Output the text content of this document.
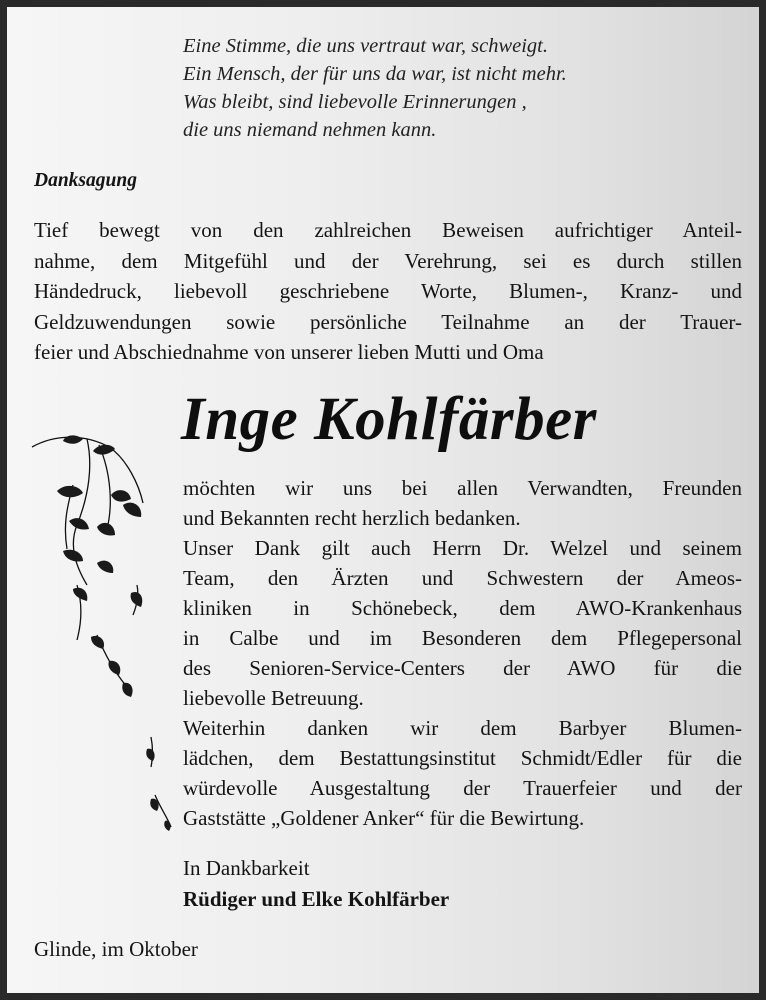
Eine Stimme, die uns vertraut war, schweigt.
Ein Mensch, der für uns da war, ist nicht mehr.
Was bleibt, sind liebevolle Erinnerungen ,
die uns niemand nehmen kann.
Danksagung
Tief bewegt von den zahlreichen Beweisen aufrichtiger Anteil-
nahme, dem Mitgefühl und der Verehrung, sei es durch stillen
Händedruck, liebevoll geschriebene Worte, Blumen-, Kranz- und
Geldzuwendungen sowie persönliche Teilnahme an der Trauer-
feier und Abschiednahme von unserer lieben Mutti und Oma
Inge Kohlfärber
möchten wir uns bei allen Verwandten, Freunden
und Bekannten recht herzlich bedanken.
Unser Dank gilt auch Herrn Dr. Welzel und seinem
Team, den Ärzten und Schwestern der Ameos-
kliniken in Schönebeck, dem AWO-Krankenhaus
in Calbe und im Besonderen dem Pflegepersonal
des Senioren-Service-Centers der AWO für die
liebevolle Betreuung.
Weiterhin danken wir dem Barbyer Blumen-
lädchen, dem Bestattungsinstitut Schmidt/Edler für die
würdevolle Ausgestaltung der Trauerfeier und der
Gaststätte „Goldener Anker“ für die Bewirtung.
In Dankbarkeit
Rüdiger und Elke Kohlfärber
Glinde, im Oktober
